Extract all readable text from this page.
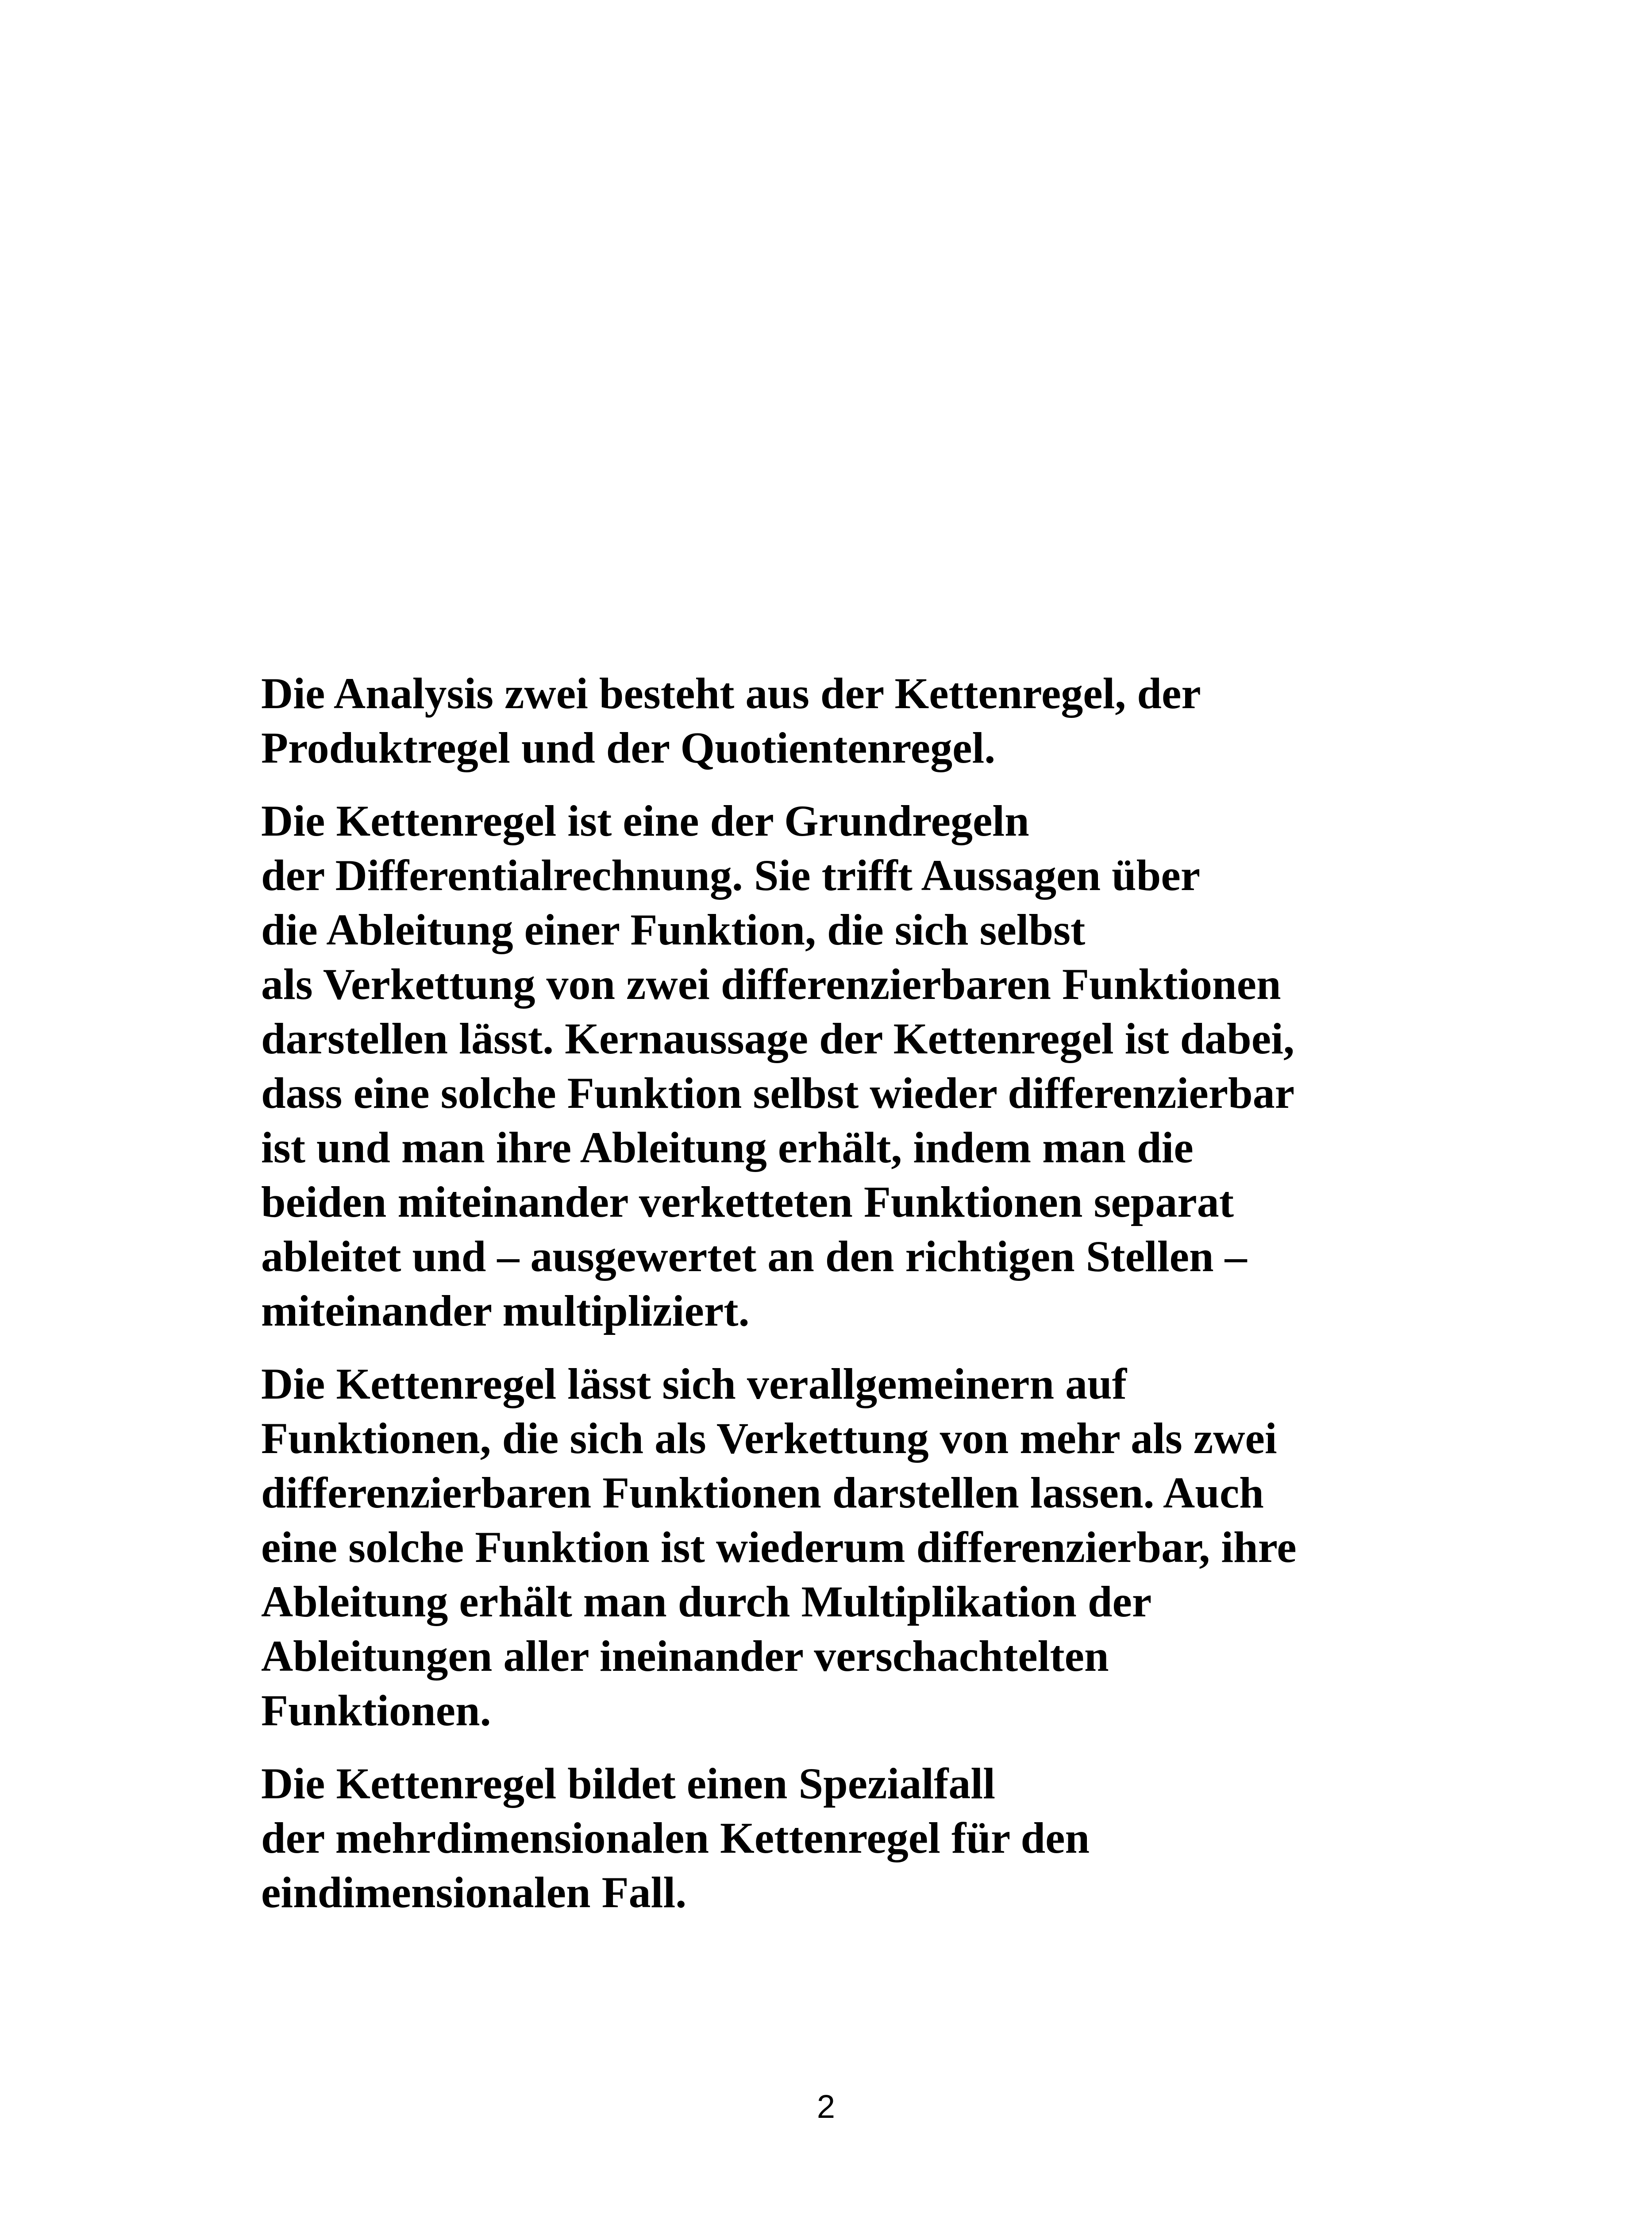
Die Analysis zwei besteht aus der Kettenregel, der
Produktregel und der Quotientenregel.

Die Kettenregel ist eine der Grundregeln
der Differentialrechnung. Sie trifft Aussagen über
die Ableitung einer Funktion, die sich selbst
als Verkettung von zwei differenzierbaren Funktionen
darstellen lässt. Kernaussage der Kettenregel ist dabei,
dass eine solche Funktion selbst wieder differenzierbar
ist und man ihre Ableitung erhält, indem man die
beiden miteinander verketteten Funktionen separat
ableitet und – ausgewertet an den richtigen Stellen –
miteinander multipliziert.

Die Kettenregel lässt sich verallgemeinern auf
Funktionen, die sich als Verkettung von mehr als zwei
differenzierbaren Funktionen darstellen lassen. Auch
eine solche Funktion ist wiederum differenzierbar, ihre
Ableitung erhält man durch Multiplikation der
Ableitungen aller ineinander verschachtelten
Funktionen.

Die Kettenregel bildet einen Spezialfall
der mehrdimensionalen Kettenregel für den
eindimensionalen Fall.

2
